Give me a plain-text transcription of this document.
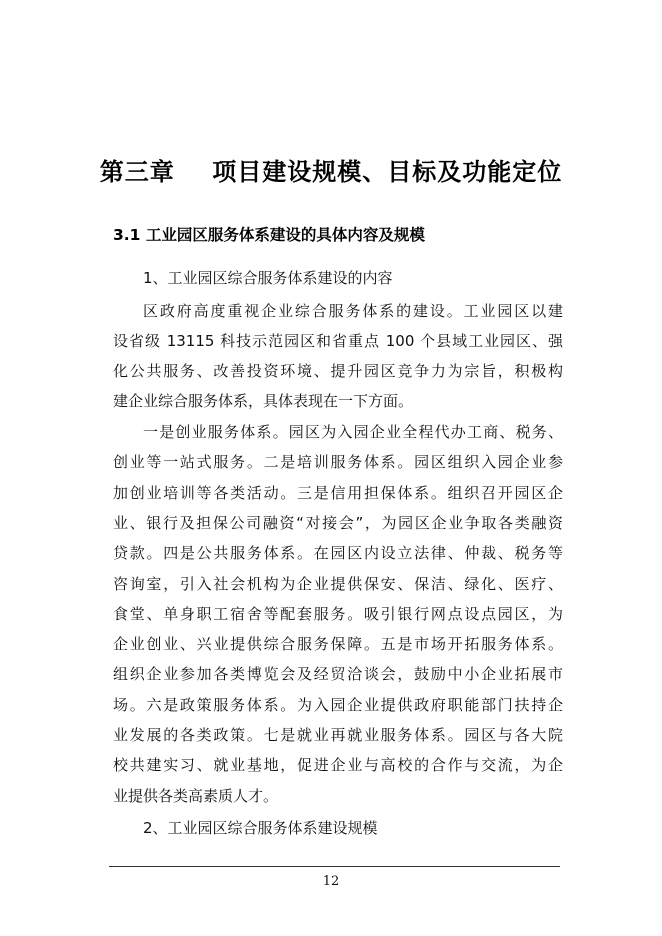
第三章    项目建设规模、目标及功能定位
3.1 工业园区服务体系建设的具体内容及规模
1、工业园区综合服务体系建设的内容
区政府高度重视企业综合服务体系的建设。工业园区以建
设省级 13115 科技示范园区和省重点 100 个县域工业园区、强
化公共服务、改善投资环境、提升园区竞争力为宗旨，积极构
建企业综合服务体系，具体表现在一下方面。
一是创业服务体系。园区为入园企业全程代办工商、税务、
创业等一站式服务。二是培训服务体系。园区组织入园企业参
加创业培训等各类活动。三是信用担保体系。组织召开园区企
业、银行及担保公司融资“对接会”，为园区企业争取各类融资
贷款。四是公共服务体系。在园区内设立法律、仲裁、税务等
咨询室，引入社会机构为企业提供保安、保洁、绿化、医疗、
食堂、单身职工宿舍等配套服务。吸引银行网点设点园区，为
企业创业、兴业提供综合服务保障。五是市场开拓服务体系。
组织企业参加各类博览会及经贸洽谈会，鼓励中小企业拓展市
场。六是政策服务体系。为入园企业提供政府职能部门扶持企
业发展的各类政策。七是就业再就业服务体系。园区与各大院
校共建实习、就业基地，促进企业与高校的合作与交流，为企
业提供各类高素质人才。
2、工业园区综合服务体系建设规模
12
